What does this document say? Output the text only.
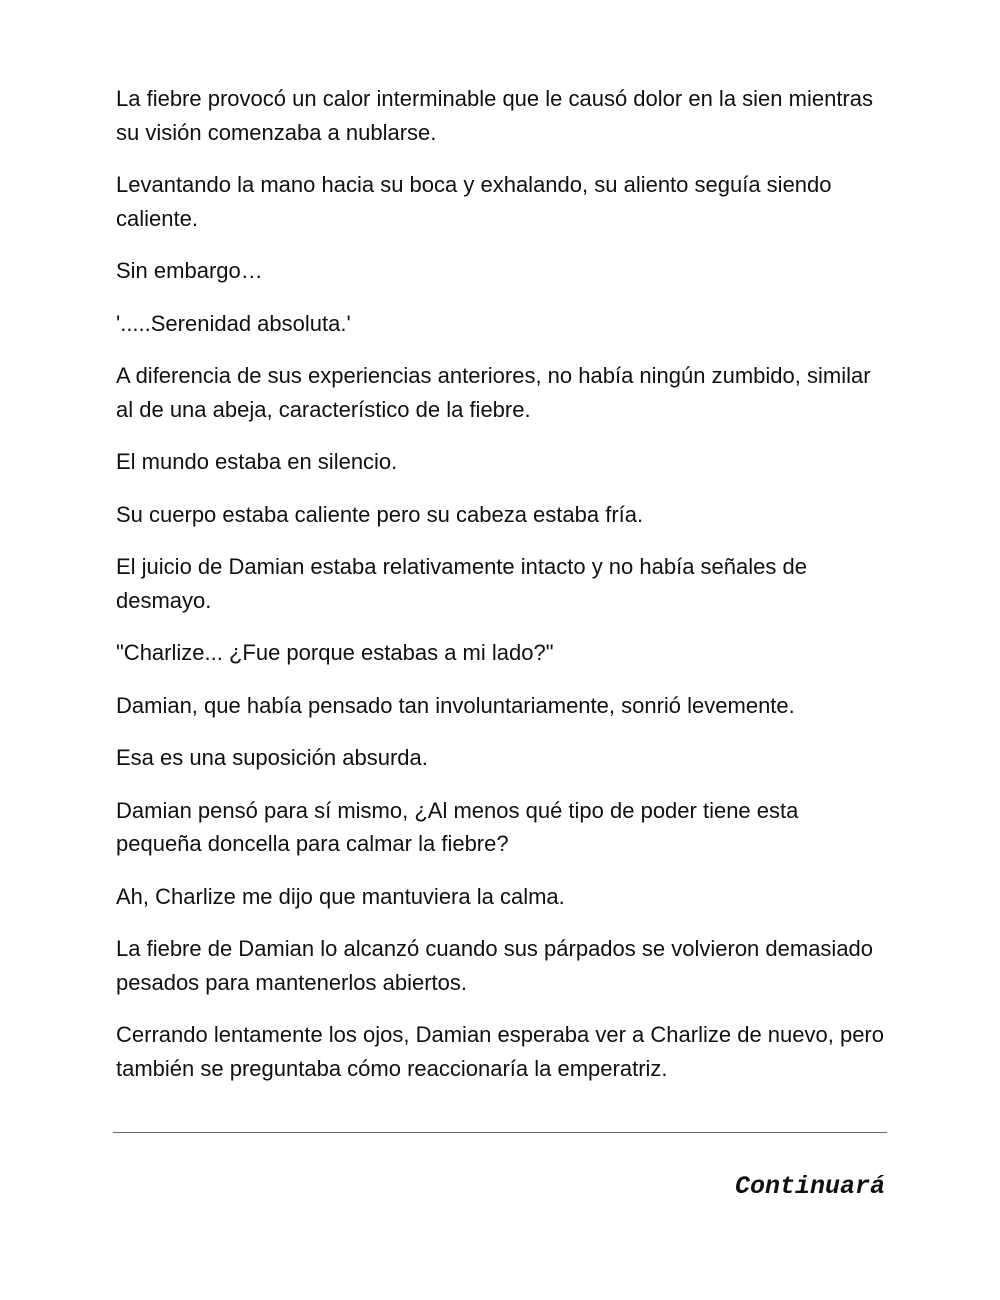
La fiebre provocó un calor interminable que le causó dolor en la sien mientras su visión comenzaba a nublarse.

Levantando la mano hacia su boca y exhalando, su aliento seguía siendo caliente.

Sin embargo…

'.....Serenidad absoluta.'

A diferencia de sus experiencias anteriores, no había ningún zumbido, similar al de una abeja, característico de la fiebre.

El mundo estaba en silencio.

Su cuerpo estaba caliente pero su cabeza estaba fría.

El juicio de Damian estaba relativamente intacto y no había señales de desmayo.

"Charlize... ¿Fue porque estabas a mi lado?"

Damian, que había pensado tan involuntariamente, sonrió levemente.

Esa es una suposición absurda.

Damian pensó para sí mismo, ¿Al menos qué tipo de poder tiene esta pequeña doncella para calmar la fiebre?

Ah, Charlize me dijo que mantuviera la calma.

La fiebre de Damian lo alcanzó cuando sus párpados se volvieron demasiado pesados para mantenerlos abiertos.

Cerrando lentamente los ojos, Damian esperaba ver a Charlize de nuevo, pero también se preguntaba cómo reaccionaría la emperatriz.

Continuará
